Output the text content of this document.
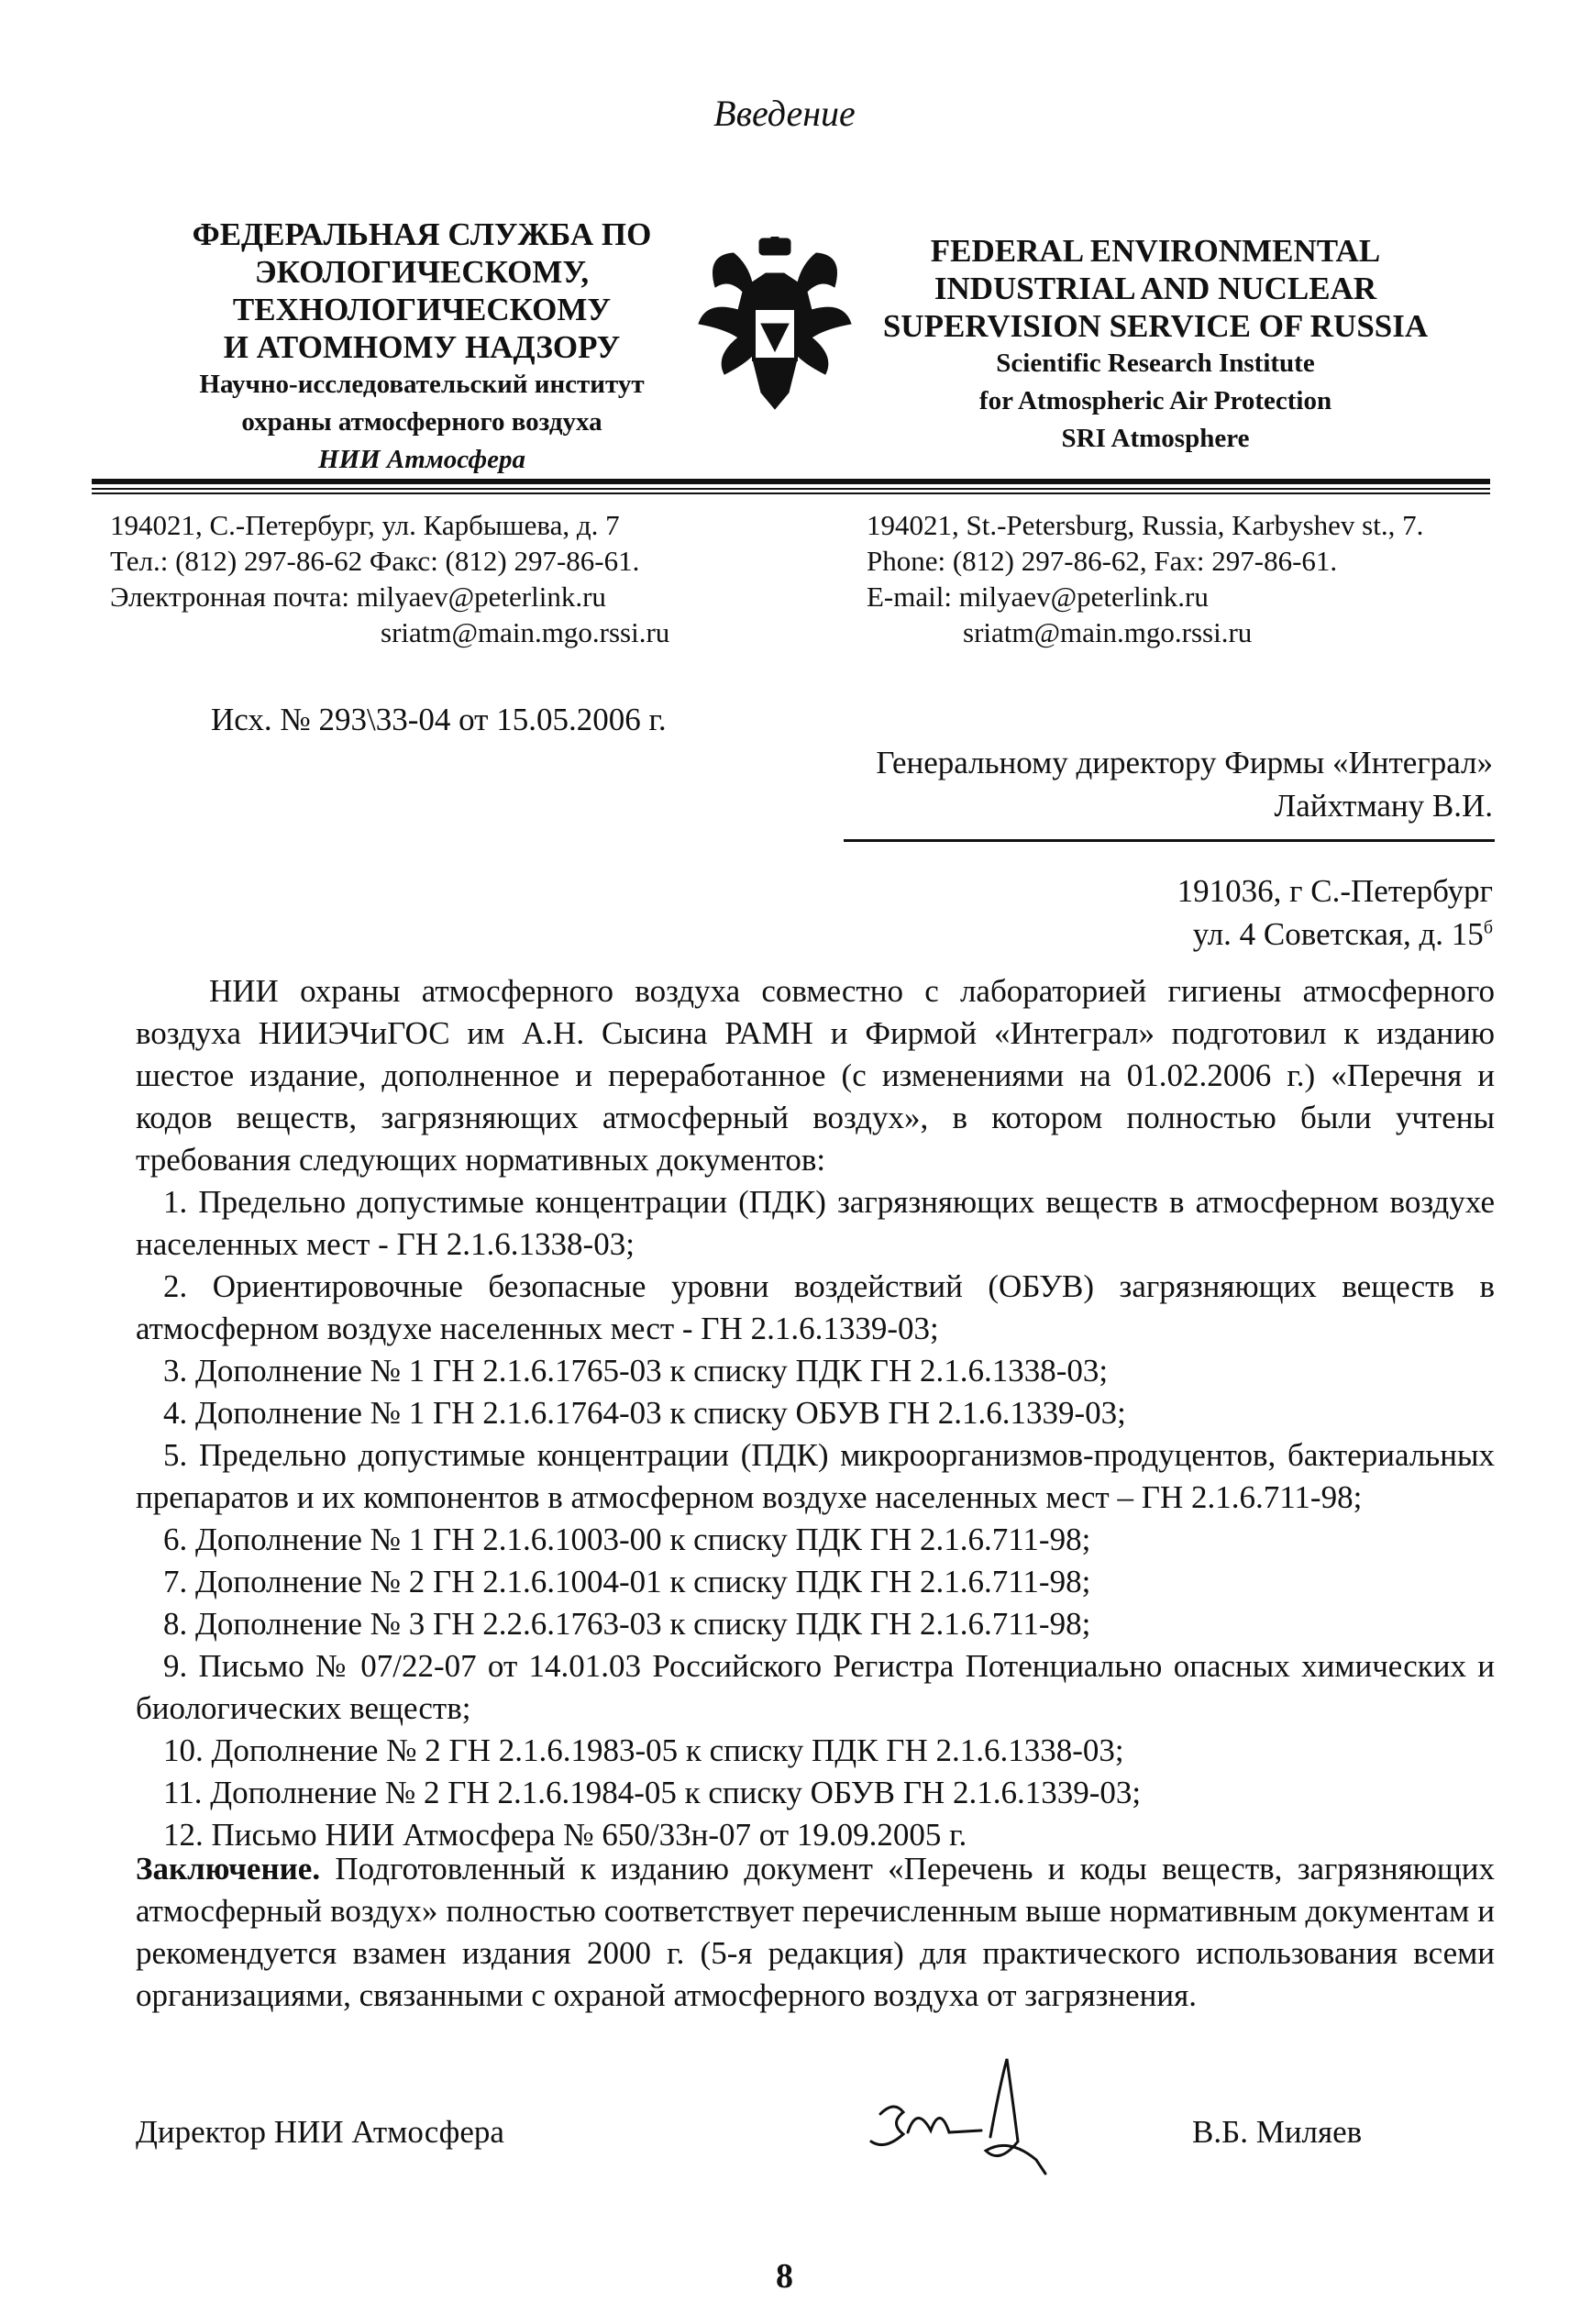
Введение
ФЕДЕРАЛЬНАЯ СЛУЖБА ПО
ЭКОЛОГИЧЕСКОМУ,
ТЕХНОЛОГИЧЕСКОМУ
И АТОМНОМУ НАДЗОРУ
Научно-исследовательский институт
охраны атмосферного воздуха
НИИ Атмосфера
FEDERAL ENVIRONMENTAL
INDUSTRIAL AND NUCLEAR
SUPERVISION SERVICE OF RUSSIA
Scientific Research Institute
for Atmospheric Air Protection
SRI Atmosphere
194021, С.-Петербург, ул. Карбышева, д. 7
Тел.: (812) 297-86-62 Факс: (812) 297-86-61.
Электронная почта: milyaev@peterlink.ru
sriatm@main.mgo.rssi.ru
194021, St.-Petersburg, Russia, Karbyshev st., 7.
Phone: (812) 297-86-62, Fax: 297-86-61.
E-mail: milyaev@peterlink.ru
sriatm@main.mgo.rssi.ru
Исх. № 293\33-04 от 15.05.2006 г.
Генеральному директору Фирмы «Интеграл»
Лайхтману В.И.
191036, г С.-Петербург
ул. 4 Советская, д. $15^б$

НИИ охраны атмосферного воздуха совместно с лабораторией гигиены атмосферного воздуха НИИЭЧиГОС им А.Н. Сысина РАМН и Фирмой «Интеграл» подготовил к изданию шестое издание, дополненное и переработанное (с изменениями на 01.02.2006 г.) «Перечня и кодов веществ, загрязняющих атмосферный воздух», в котором полностью были учтены требования следующих нормативных документов:

1. Предельно допустимые концентрации (ПДК) загрязняющих веществ в атмосферном воздухе населенных мест - ГН 2.1.6.1338-03;
2. Ориентировочные безопасные уровни воздействий (ОБУВ) загрязняющих веществ в атмосферном воздухе населенных мест - ГН 2.1.6.1339-03;
3. Дополнение № 1 ГН 2.1.6.1765-03 к списку ПДК ГН 2.1.6.1338-03;
4. Дополнение № 1 ГН 2.1.6.1764-03 к списку ОБУВ ГН 2.1.6.1339-03;
5. Предельно допустимые концентрации (ПДК) микроорганизмов-продуцентов, бактериальных препаратов и их компонентов в атмосферном воздухе населенных мест – ГН 2.1.6.711-98;
6. Дополнение № 1 ГН 2.1.6.1003-00 к списку ПДК ГН 2.1.6.711-98;
7. Дополнение № 2 ГН 2.1.6.1004-01 к списку ПДК ГН 2.1.6.711-98;
8. Дополнение № 3 ГН 2.2.6.1763-03 к списку ПДК ГН 2.1.6.711-98;
9. Письмо № 07/22-07 от 14.01.03 Российского Регистра Потенциально опасных химических и биологических веществ;
10. Дополнение № 2 ГН 2.1.6.1983-05 к списку ПДК ГН 2.1.6.1338-03;
11. Дополнение № 2 ГН 2.1.6.1984-05 к списку ОБУВ ГН 2.1.6.1339-03;
12. Письмо НИИ Атмосфера № 650/33н-07 от 19.09.2005 г.

Заключение. Подготовленный к изданию документ «Перечень и коды веществ, загрязняющих атмосферный воздух» полностью соответствует перечисленным выше нормативным документам и рекомендуется взамен издания 2000 г. (5-я редакция) для практического использования всеми организациями, связанными с охраной атмосферного воздуха от загрязнения.

Директор НИИ Атмосфера	В.Б. Миляев
8
